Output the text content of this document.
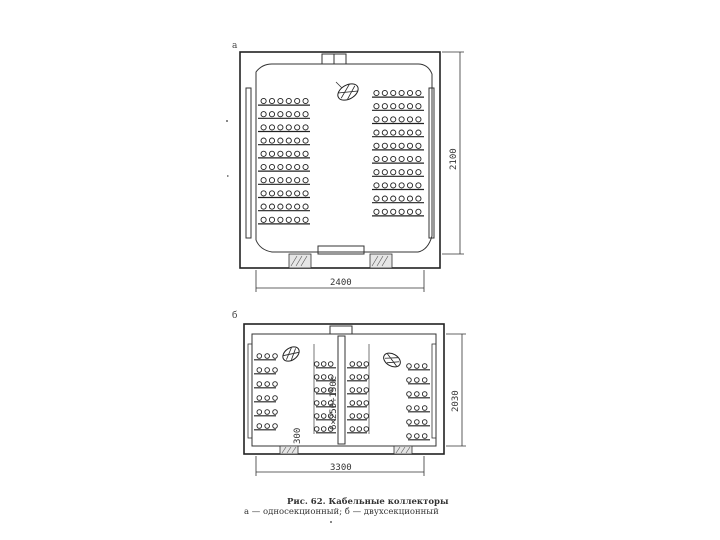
а
2400
2100
б
6×250÷150с
300
3300
2030
Рис. 62. Кабельные коллекторы
а — односекционный; б — двухсекционный
